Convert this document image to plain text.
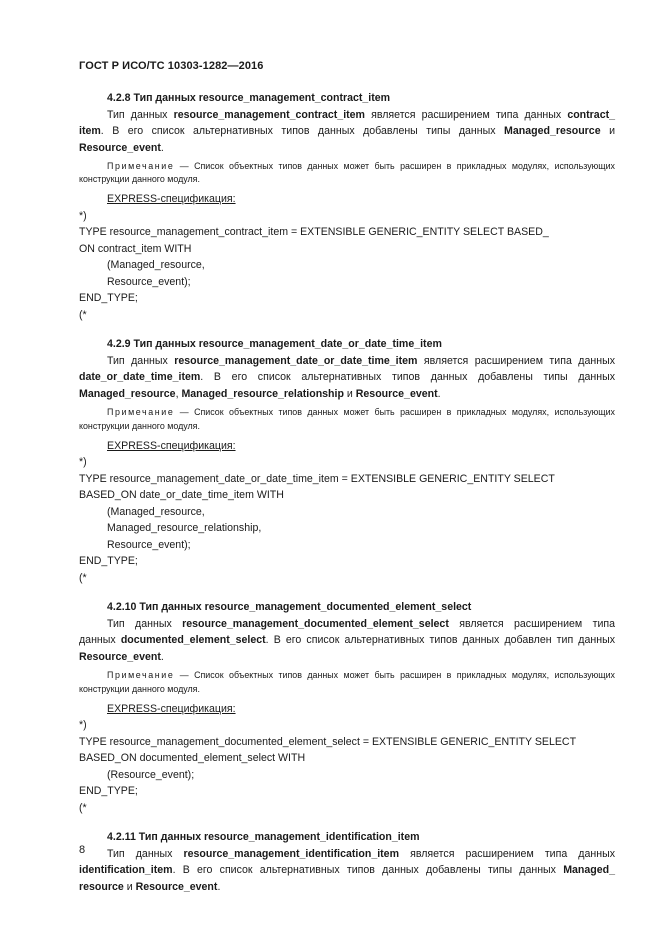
ГОСТ Р ИСО/ТС 10303-1282—2016
4.2.8 Тип данных resource_management_contract_item

Тип данных resource_management_contract_item является расширением типа данных contract_ item. В его список альтернативных типов данных добавлены типы данных Managed_resource и Resource_event.

Примечание — Список объектных типов данных может быть расширен в прикладных модулях, использующих конструкции данного модуля.

EXPRESS-спецификация:
*)
TYPE resource_management_contract_item = EXTENSIBLE GENERIC_ENTITY SELECT BASED_
ON contract_item WITH
(Managed_resource,
Resource_event);
END_TYPE;
(*
4.2.9 Тип данных resource_management_date_or_date_time_item

Тип данных resource_management_date_or_date_time_item является расширением типа данных date_or_date_time_item. В его список альтернативных типов данных добавлены типы данных Managed_resource, Managed_resource_relationship и Resource_event.

Примечание — Список объектных типов данных может быть расширен в прикладных модулях, использующих конструкции данного модуля.

EXPRESS-спецификация:
*)
TYPE resource_management_date_or_date_time_item = EXTENSIBLE GENERIC_ENTITY SELECT
BASED_ON date_or_date_time_item WITH
(Managed_resource,
Managed_resource_relationship,
Resource_event);
END_TYPE;
(*
4.2.10 Тип данных resource_management_documented_element_select

Тип данных resource_management_documented_element_select является расширением типа данных documented_element_select. В его список альтернативных типов данных добавлен тип данных Resource_event.

Примечание — Список объектных типов данных может быть расширен в прикладных модулях, использующих конструкции данного модуля.

EXPRESS-спецификация:
*)
TYPE resource_management_documented_element_select = EXTENSIBLE GENERIC_ENTITY SELECT
BASED_ON documented_element_select WITH
(Resource_event);
END_TYPE;
(*
4.2.11 Тип данных resource_management_identification_item

Тип данных resource_management_identification_item является расширением типа данных identification_item. В его список альтернативных типов данных добавлены типы данных Managed_ resource и Resource_event.

8
